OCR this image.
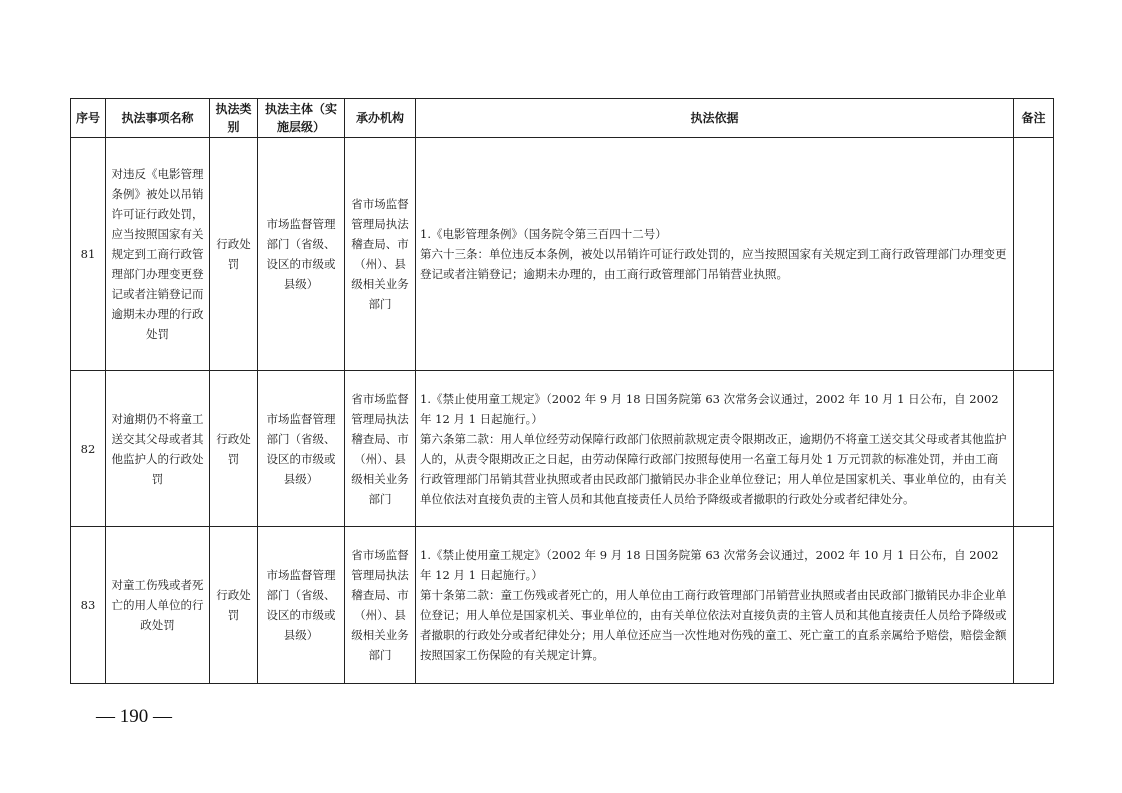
序号	执法事项名称	执法类别	执法主体（实施层级）	承办机构	执法依据	备注
81	对违反《电影管理条例》被处以吊销许可证行政处罚，应当按照国家有关规定到工商行政管理部门办理变更登记或者注销登记而逾期未办理的行政处罚	行政处罚	市场监督管理部门（省级、设区的市级或县级）	省市场监督管理局执法稽查局、市（州）、县级相关业务部门	1.《电影管理条例》（国务院令第三百四十二号）
第六十三条：单位违反本条例，被处以吊销许可证行政处罚的，应当按照国家有关规定到工商行政管理部门办理变更登记或者注销登记；逾期未办理的，由工商行政管理部门吊销营业执照。	

82	对逾期仍不将童工送交其父母或者其他监护人的行政处罚	行政处罚	市场监督管理部门（省级、设区的市级或县级）	省市场监督管理局执法稽查局、市（州）、县级相关业务部门	1.《禁止使用童工规定》（2002 年 9 月 18 日国务院第 63 次常务会议通过，2002 年 10 月 1 日公布，自 2002 年 12 月 1 日起施行。）
第六条第二款：用人单位经劳动保障行政部门依照前款规定责令限期改正，逾期仍不将童工送交其父母或者其他监护人的，从责令限期改正之日起，由劳动保障行政部门按照每使用一名童工每月处 1 万元罚款的标准处罚，并由工商行政管理部门吊销其营业执照或者由民政部门撤销民办非企业单位登记；用人单位是国家机关、事业单位的，由有关单位依法对直接负责的主管人员和其他直接责任人员给予降级或者撤职的行政处分或者纪律处分。	

83	对童工伤残或者死亡的用人单位的行政处罚	行政处罚	市场监督管理部门（省级、设区的市级或县级）	省市场监督管理局执法稽查局、市（州）、县级相关业务部门	1.《禁止使用童工规定》（2002 年 9 月 18 日国务院第 63 次常务会议通过，2002 年 10 月 1 日公布，自 2002 年 12 月 1 日起施行。）
第十条第二款：童工伤残或者死亡的，用人单位由工商行政管理部门吊销营业执照或者由民政部门撤销民办非企业单位登记；用人单位是国家机关、事业单位的，由有关单位依法对直接负责的主管人员和其他直接责任人员给予降级或者撤职的行政处分或者纪律处分；用人单位还应当一次性地对伤残的童工、死亡童工的直系亲属给予赔偿，赔偿金额按照国家工伤保险的有关规定计算。	

— 190 —
